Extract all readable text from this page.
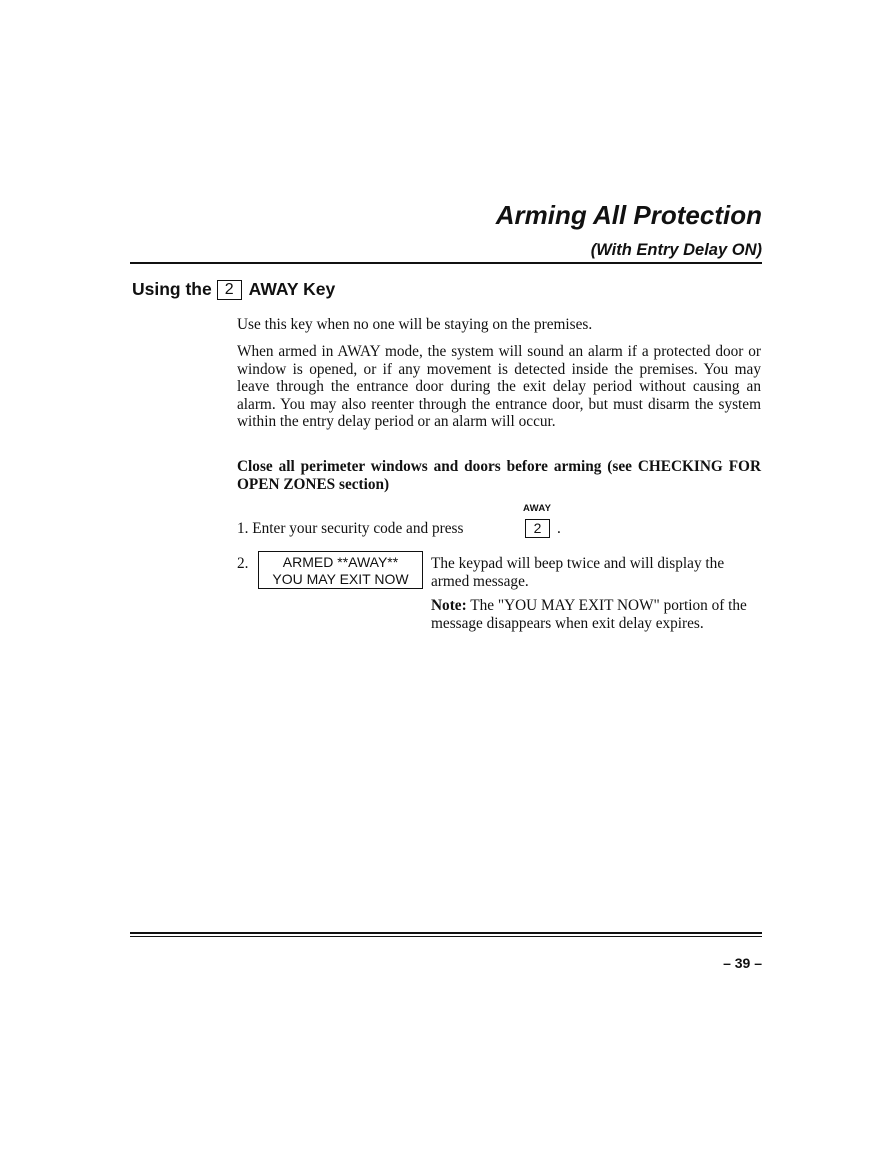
Arming All Protection
(With Entry Delay ON)
Using the 2 AWAY Key

Use this key when no one will be staying on the premises.

When armed in AWAY mode, the system will sound an alarm if a protected door or window is opened, or if any movement is detected inside the premises. You may leave through the entrance door during the exit delay period without causing an alarm. You may also reenter through the entrance door, but must disarm the system within the entry delay period or an alarm will occur.

Close all perimeter windows and doors before arming (see CHECKING FOR OPEN ZONES section)

AWAY
1. Enter your security code and press	2	.
2.	ARMED **AWAY**
YOU MAY EXIT NOW

The keypad will beep twice and will display the armed message.

Note: The "YOU MAY EXIT NOW" portion of the message disappears when exit delay expires.

– 39 –
